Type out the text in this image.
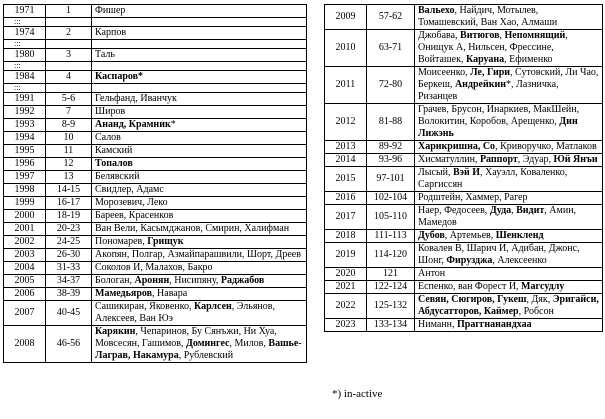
1971	1	Фишер
:::		
1974	2	Карпов
:::		
1980	3	Таль
:::		
1984	4	Каспаров*
:::		
1991	5-6	Гельфанд, Иванчук
1992	7	Широв
1993	8-9	Ананд, Крамник*
1994	10	Салов
1995	11	Камский
1996	12	Топалов
1997	13	Белявский
1998	14-15	Свидлер, Адамс
1999	16-17	Морозевич, Леко
2000	18-19	Бареев, Красенков
2001	20-23	Ван Вели, Касымджанов, Смирин, Халифман
2002	24-25	Пономарев, Грищук
2003	26-30	Акопян, Полгар, Азмайпарашвили, Шорт, Дреев
2004	31-33	Соколов И, Малахов, Бакро
2005	34-37	Бологан, Аронян, Нисипяну, Раджабов
2006	38-39	Мамедьяров, Навара
2007	40-45	Сашикиран, Яковенко, Карлсен, Эльянов, Алексеев, Ван Юэ
2008	46-56	Карякин, Чепаринов, Бу Сянъжи, Ни Хуа, Мовсесян, Гашимов, Домингес, Милов, Вашье-Лаграв, Накамура, Рублевский
2009	57-62	Вальехо, Найдич, Мотылев, Томашевский, Ван Хао, Алмаши
2010	63-71	Джобава, Витюгов, Непомнящий, Онищук А, Нильсен, Фрессине, Войташек, Каруана, Ефименко
2011	72-80	Моисеенко, Ле, Гири, Сутовский, Ли Чао, Беркеш, Андрейкин*, Лазничка, Ризанцев
2012	81-88	Грачев, Брусон, Инаркиев, МакШейн, Волокитин, Коробов, Арещенко, Дин Лижэнь
2013	89-92	Харикришна, Со, Криворучко, Матлаков
2014	93-96	Хисматуллин, Раппорт, Эдуар, Юй Янъи
2015	97-101	Лысый, Вэй И, Хауэлл, Коваленко, Саргиссян
2016	102-104	Родштейн, Хаммер, Рагер
2017	105-110	Наер, Федосеев, Дуда, Видит, Амин, Мамедов
2018	111-113	Дубов, Артемьев, Шенкленд
2019	114-120	Ковалев В, Шарич И, Адибан, Джонс, Шонг, Фирузджа, Алексеенко
2020	121	Антон
2021	122-124	Еспенко, ван Форест И, Магсудлу
2022	125-132	Севян, Сюгиров, Гукеш, Дяк, Эригайси, Абдусатторов, Каймер, Робсон
2023	133-134	Ниманн, Праггнанандхаа
*) in-active
